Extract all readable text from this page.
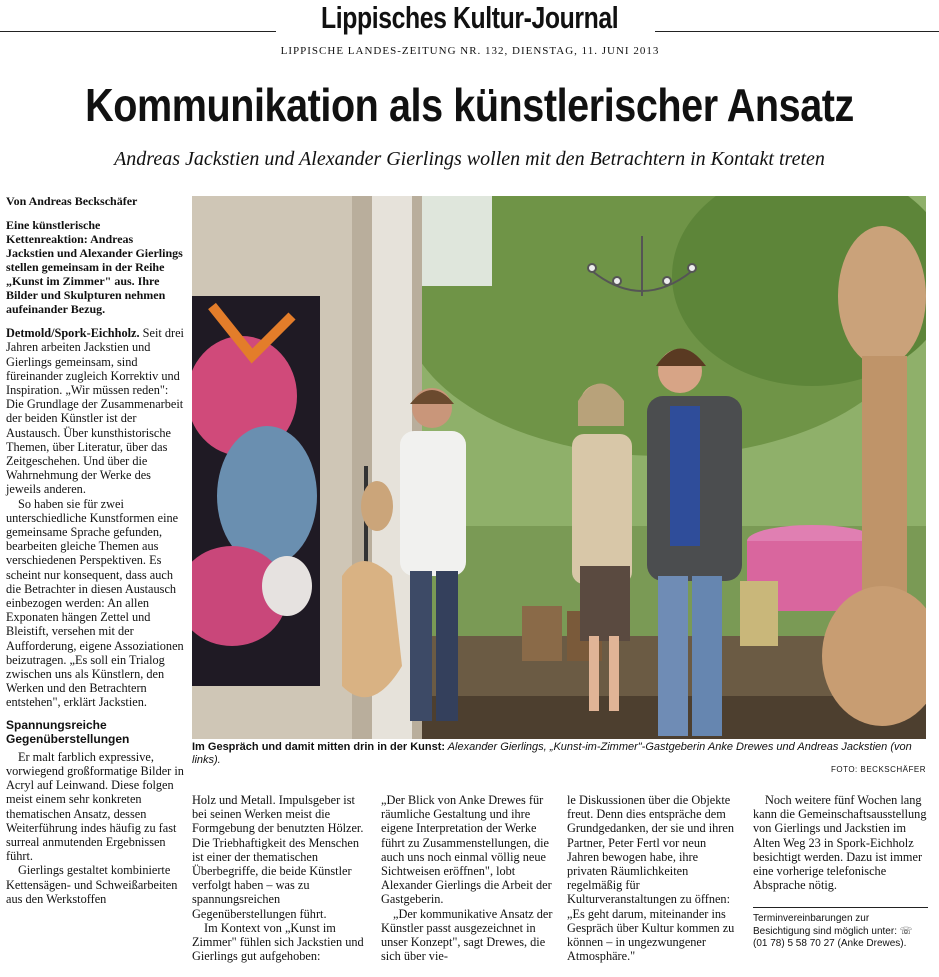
Lippisches Kultur-Journal
LIPPISCHE LANDES-ZEITUNG NR. 132, DIENSTAG, 11. JUNI 2013
Kommunikation als künstlerischer Ansatz
Andreas Jackstien und Alexander Gierlings wollen mit den Betrachtern in Kontakt treten

Von Andreas Beckschäfer

Eine künstlerische Kettenreaktion: Andreas Jackstien und Alexander Gierlings stellen gemeinsam in der Reihe „Kunst im Zimmer" aus. Ihre Bilder und Skulpturen nehmen aufeinander Bezug.

Detmold/Spork-Eichholz. Seit drei Jahren arbeiten Jackstien und Gierlings gemeinsam, sind füreinander zugleich Korrektiv und Inspiration. „Wir müssen reden": Die Grundlage der Zusammenarbeit der beiden Künstler ist der Austausch. Über kunsthistorische Themen, über Literatur, über das Zeitgeschehen. Und über die Wahrnehmung der Werke des jeweils anderen.

So haben sie für zwei unterschiedliche Kunstformen eine gemeinsame Sprache gefunden, bearbeiten gleiche Themen aus verschiedenen Perspektiven. Es scheint nur konsequent, dass auch die Betrachter in diesen Austausch einbezogen werden: An allen Exponaten hängen Zettel und Bleistift, versehen mit der Aufforderung, eigene Assoziationen beizutragen. „Es soll ein Trialog zwischen uns als Künstlern, den Werken und den Betrachtern entstehen", erklärt Jackstien.

Spannungsreiche Gegenüberstellungen

Er malt farblich expressive, vorwiegend großformatige Bilder in Acryl auf Leinwand. Diese folgen meist einem sehr konkreten thematischen Ansatz, dessen Weiterführung indes häufig zu fast surreal anmutenden Ergebnissen führt.

Gierlings gestaltet kombinierte Kettensägen- und Schweißarbeiten aus den Werkstoffen

Im Gespräch und damit mitten drin in der Kunst: Alexander Gierlings, „Kunst-im-Zimmer"-Gastgeberin Anke Drewes und Andreas Jackstien (von links).
FOTO: BECKSCHÄFER

Holz und Metall. Impulsgeber ist bei seinen Werken meist die Formgebung der benutzten Hölzer. Die Triebhaftigkeit des Menschen ist einer der thematischen Überbegriffe, die beide Künstler verfolgt haben – was zu spannungsreichen Gegenüberstellungen führt.

Im Kontext von „Kunst im Zimmer" fühlen sich Jackstien und Gierlings gut aufgehoben:

„Der Blick von Anke Drewes für räumliche Gestaltung und ihre eigene Interpretation der Werke führt zu Zusammenstellungen, die auch uns noch einmal völlig neue Sichtweisen eröffnen", lobt Alexander Gierlings die Arbeit der Gastgeberin.

„Der kommunikative Ansatz der Künstler passt ausgezeichnet in unser Konzept", sagt Drewes, die sich über vie-

le Diskussionen über die Objekte freut. Denn dies entspräche dem Grundgedanken, der sie und ihren Partner, Peter Fertl vor neun Jahren bewogen habe, ihre privaten Räumlichkeiten regelmäßig für Kulturveranstaltungen zu öffnen: „Es geht darum, miteinander ins Gespräch über Kultur kommen zu können – in ungezwungener Atmosphäre."

Noch weitere fünf Wochen lang kann die Gemeinschaftsausstellung von Gierlings und Jackstien im Alten Weg 23 in Spork-Eichholz besichtigt werden. Dazu ist immer eine vorherige telefonische Absprache nötig.

Terminvereinbarungen zur Besichtigung sind möglich unter: ☏ (01 78) 5 58 70 27 (Anke Drewes).
